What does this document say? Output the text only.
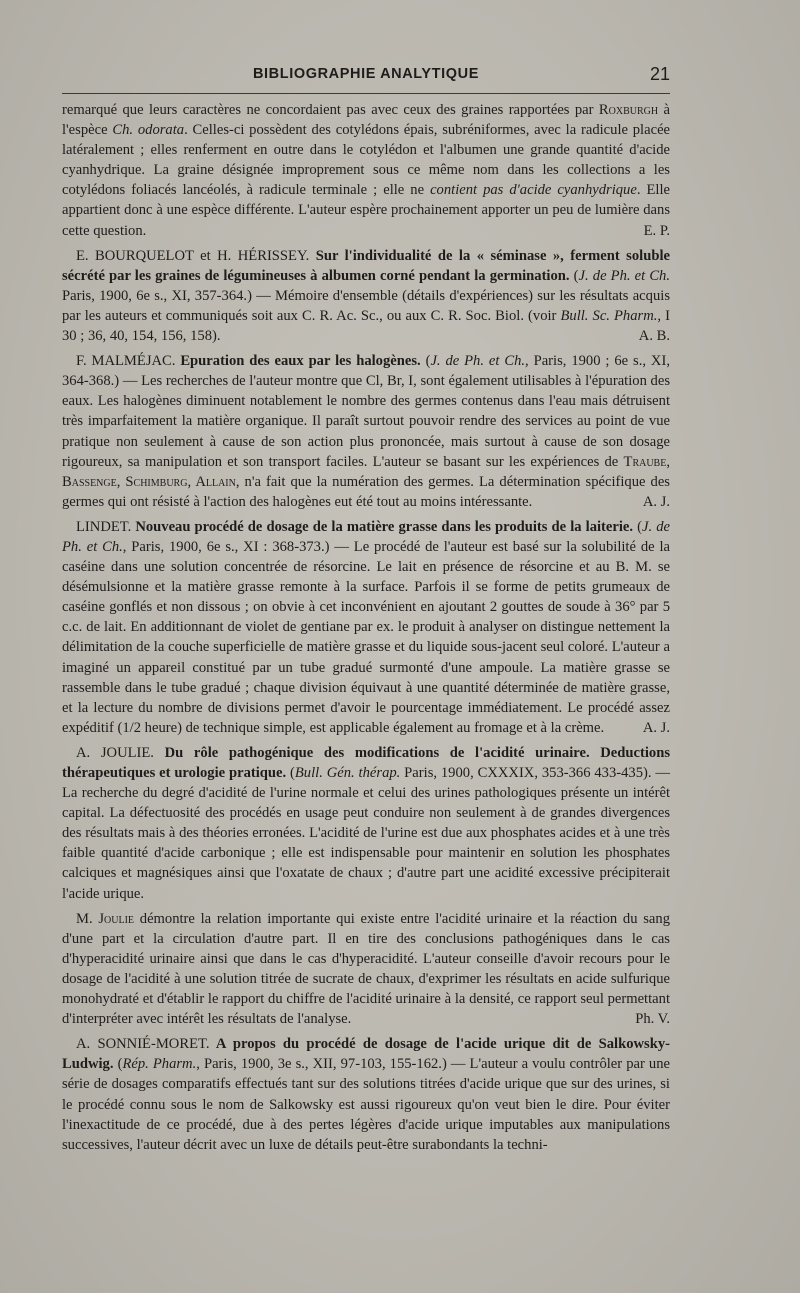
BIBLIOGRAPHIE ANALYTIQUE	21

remarqué que leurs caractères ne concordaient pas avec ceux des graines rapportées par Roxburgh à l'espèce Ch. odorata. Celles-ci possèdent des cotylédons épais, subréniformes, avec la radicule placée latéralement ; elles renferment en outre dans le cotylédon et l'albumen une grande quantité d'acide cyanhydrique. La graine désignée improprement sous ce même nom dans les collections a les cotylédons foliacés lancéolés, à radicule terminale ; elle ne contient pas d'acide cyanhydrique. Elle appartient donc à une espèce différente. L'auteur espère prochainement apporter un peu de lumière dans cette question.	E. P.

E. BOURQUELOT et H. HÉRISSEY. Sur l'individualité de la « séminase », ferment soluble sécrété par les graines de légumineuses à albumen corné pendant la germination. (J. de Ph. et Ch. Paris, 1900, 6e s., XI, 357-364.) — Mémoire d'ensemble (détails d'expériences) sur les résultats acquis par les auteurs et communiqués soit aux C. R. Ac. Sc., ou aux C. R. Soc. Biol. (voir Bull. Sc. Pharm., I 30 ; 36, 40, 154, 156, 158).	A. B.

F. MALMÉJAC. Epuration des eaux par les halogènes. (J. de Ph. et Ch., Paris, 1900 ; 6e s., XI, 364-368.) — Les recherches de l'auteur montre que Cl, Br, I, sont également utilisables à l'épuration des eaux. Les halogènes diminuent notablement le nombre des germes contenus dans l'eau mais détruisent très imparfaitement la matière organique. Il paraît surtout pouvoir rendre des services au point de vue pratique non seulement à cause de son action plus prononcée, mais surtout à cause de son dosage rigoureux, sa manipulation et son transport faciles. L'auteur se basant sur les expériences de Traube, Bassenge, Schimburg, Allain, n'a fait que la numération des germes. La détermination spécifique des germes qui ont résisté à l'action des halogènes eut été tout au moins intéressante.	A. J.

LINDET. Nouveau procédé de dosage de la matière grasse dans les produits de la laiterie. (J. de Ph. et Ch., Paris, 1900, 6e s., XI : 368-373.) — Le procédé de l'auteur est basé sur la solubilité de la caséine dans une solution concentrée de résorcine. Le lait en présence de résorcine et au B. M. se désémulsionne et la matière grasse remonte à la surface. Parfois il se forme de petits grumeaux de caséine gonflés et non dissous ; on obvie à cet inconvénient en ajoutant 2 gouttes de soude à 36° par 5 c.c. de lait. En additionnant de violet de gentiane par ex. le produit à analyser on distingue nettement la délimitation de la couche superficielle de matière grasse et du liquide sous-jacent seul coloré. L'auteur a imaginé un appareil constitué par un tube gradué surmonté d'une ampoule. La matière grasse se rassemble dans le tube gradué ; chaque division équivaut à une quantité déterminée de matière grasse, et la lecture du nombre de divisions permet d'avoir le pourcentage immédiatement. Le procédé assez expéditif (1/2 heure) de technique simple, est applicable également au fromage et à la crème.	A. J.

A. JOULIE. Du rôle pathogénique des modifications de l'acidité urinaire. Deductions thérapeutiques et urologie pratique. (Bull. Gén. thérap. Paris, 1900, CXXXIX, 353-366 433-435). — La recherche du degré d'acidité de l'urine normale et celui des urines pathologiques présente un intérêt capital. La défectuosité des procédés en usage peut conduire non seulement à de grandes divergences des résultats mais à des théories erronées. L'acidité de l'urine est due aux phosphates acides et à une très faible quantité d'acide carbonique ; elle est indispensable pour maintenir en solution les phosphates calciques et magnésiques ainsi que l'oxatate de chaux ; d'autre part une acidité excessive précipiterait l'acide urique.

M. Joulie démontre la relation importante qui existe entre l'acidité urinaire et la réaction du sang d'une part et la circulation d'autre part. Il en tire des conclusions pathogéniques dans le cas d'hyperacidité urinaire ainsi que dans le cas d'hyperacidité. L'auteur conseille d'avoir recours pour le dosage de l'acidité à une solution titrée de sucrate de chaux, d'exprimer les résultats en acide sulfurique monohydraté et d'établir le rapport du chiffre de l'acidité urinaire à la densité, ce rapport seul permettant d'interpréter avec intérêt les résultats de l'analyse.	Ph. V.

A. SONNIÉ-MORET. A propos du procédé de dosage de l'acide urique dit de Salkowsky-Ludwig. (Rép. Pharm., Paris, 1900, 3e s., XII, 97-103, 155-162.) — L'auteur a voulu contrôler par une série de dosages comparatifs effectués tant sur des solutions titrées d'acide urique que sur des urines, si le procédé connu sous le nom de Salkowsky est aussi rigoureux qu'on veut bien le dire. Pour éviter l'inexactitude de ce procédé, due à des pertes légères d'acide urique imputables aux manipulations successives, l'auteur décrit avec un luxe de détails peut-être surabondants la techni-
